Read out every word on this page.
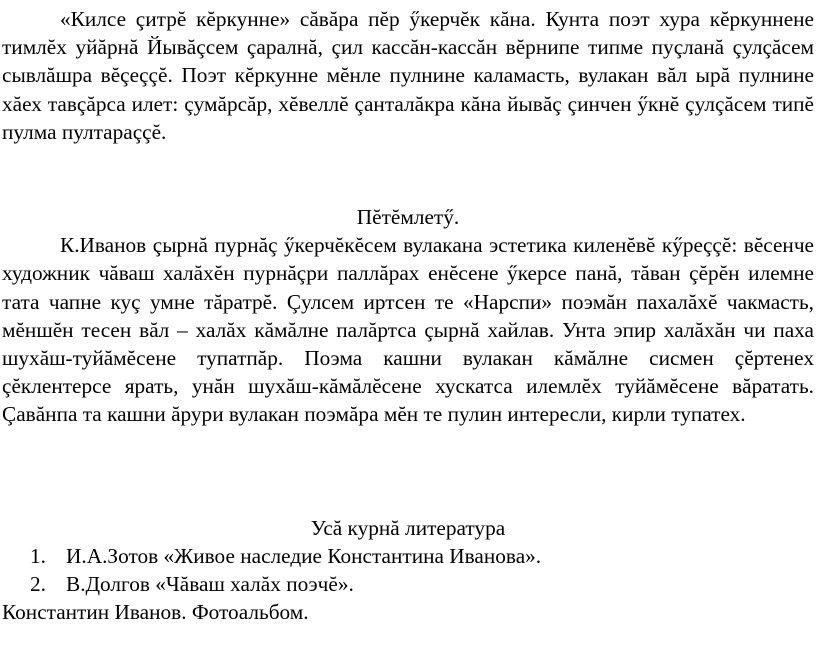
«Килсе çитрĕ кĕркунне» сăвăра пĕр ӳкерчĕк кăна. Кунта поэт хура кĕркуннене тимлĕх уйăрнă Йывăçсем çаралнă, çил кассăн-кассăн вĕрнипе типме пуçланă çулçăсем сывлăшра вĕçеççĕ. Поэт кĕркунне мĕнле пулнине каламасть, вулакан вăл ырă пулнине хăех тавçăрса илет: çумăрсăр, хĕвеллĕ çанталăкра кăна йывăç çинчен ӳкнĕ çулçăсем типĕ пулма пултараççĕ.

Пĕтĕмлетӳ.

К.Иванов çырнă пурнăç ӳкерчĕкĕсем вулакана эстетика киленĕвĕ кӳреççĕ: вĕсенче художник чăваш халăхĕн пурнăçри паллăрах енĕсене ӳкерсе панă, тăван çĕрĕн илемне тата чапне куç умне тăратрĕ. Çулсем иртсен те «Нарспи» поэмăн пахалăхĕ чакмасть, мĕншĕн тесен вăл – халăх кăмăлне палăртса çырнă хайлав. Унта эпир халăхăн чи паха шухăш-туйăмĕсене тупатпăр. Поэма кашни вулакан кăмăлне сисмен çĕртенех çĕклентерсе ярать, унăн шухăш-кăмăлĕсене хускатса илемлĕх туйăмĕсене вăратать. Çавăнпа та кашни ăрури вулакан поэмăра мĕн те пулин интересли, кирли тупатех.

Усă курнă литература

1. И.А.Зотов «Живое наследие Константина Иванова».
2. В.Долгов «Чăваш халăх поэчĕ».

Константин Иванов. Фотоальбом.
